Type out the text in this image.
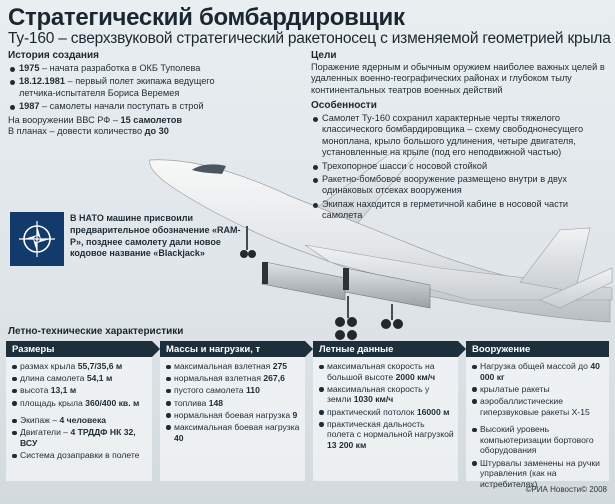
Стратегический бомбардировщик
Ту-160 – сверхзвуковой стратегический ракетоносец с изменяемой геометрией крыла
История создания
1975 – начата разработка в ОКБ Туполева
18.12.1981 – первый полет экипажа ведущего летчика-испытателя Бориса Веремея
1987 – самолеты начали поступать в строй
На вооружении ВВС РФ – 15 самолетов
В планах – довести количество до 30
Цели
Поражение ядерным и обычным оружием наиболее важных целей в удаленных военно-географических районах и глубоком тылу континентальных театров военных действий
Особенности
Самолет Ту-160 сохранил характерные черты тяжелого классического бомбардировщика – схему свободнонесущего моноплана, крыло большого удлинения, четыре двигателя, установленные на крыле (под его неподвижной частью)
Трехопорное шасси с носовой стойкой
Ракетно-бомбовое вооружение размещено внутри в двух одинаковых отсеках вооружения
Экипаж находится в герметичной кабине в носовой части самолета
В НАТО машине присвоили предварительное обозначение «RAM-P», позднее самолету дали новое кодовое название «Blackjack»
Летно-технические характеристики
Размеры
размах крыла 55,7/35,6 м
длина самолета 54,1 м
высота 13,1 м
площадь крыла 360/400 кв. м
Экипаж – 4 человека
Двигатели – 4 ТРДДФ НК 32, ВСУ
Система дозаправки в полете
Массы и нагрузки, т
максимальная взлетная 275
нормальная взлетная 267,6
пустого самолета 110
топлива 148
нормальная боевая нагрузка 9
максимальная боевая нагрузка 40
Летные данные
максимальная скорость на большой высоте 2000 км/ч
максимальная скорость у земли 1030 км/ч
практический потолок 16000 м
практическая дальность полета с нормальной нагрузкой 13 200 км
Вооружение
Нагрузка общей массой до 40 000 кг
крылатые ракеты
аэробаллистические гиперзвуковые ракеты Х-15
Высокий уровень компьютеризации бортового оборудования
Штурвалы заменены на ручки управления (как на истребителях)
©РИА Новости© 2008
